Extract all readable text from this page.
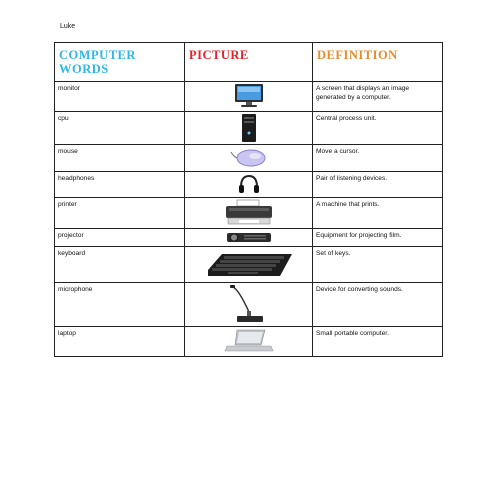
Luke
COMPUTER WORDS	PICTURE	DEFINITION
monitor		A screen that displays an image generated by a computer.
cpu		Central process unit.
mouse		Move a cursor.
headphones		Pair of listening devices.
printer		A machine that prints.
projector		Equipment for projecting film.
keyboard		Set of keys.
microphone		Device for converting sounds.
laptop		Small portable computer.
